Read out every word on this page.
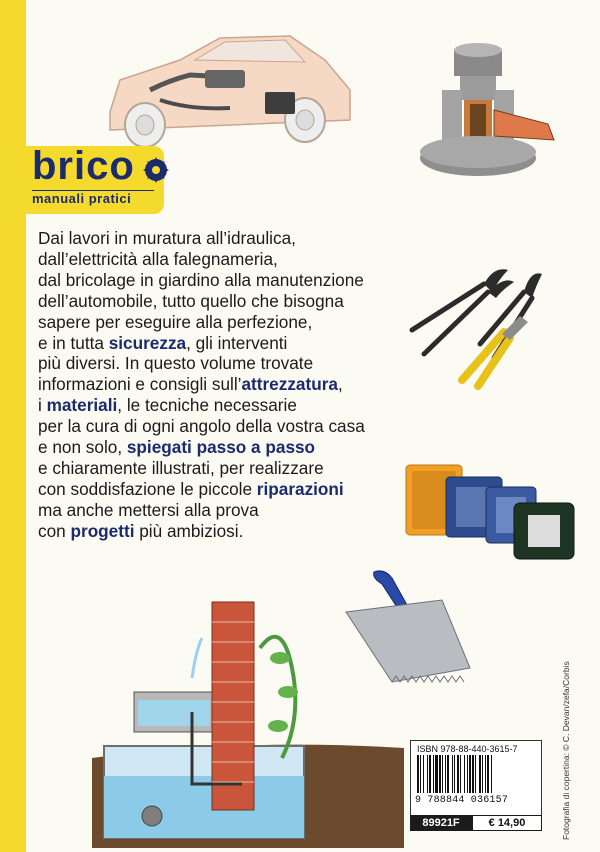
brico
manuali pratici
Dai lavori in muratura all’idraulica,
dall’elettricità alla falegnameria,
dal bricolage in giardino alla manutenzione
dell’automobile, tutto quello che bisogna
sapere per eseguire alla perfezione,
e in tutta sicurezza, gli interventi
più diversi. In questo volume trovate
informazioni e consigli sull’attrezzatura,
i materiali, le tecniche necessarie
per la cura di ogni angolo della vostra casa
e non solo, spiegati passo a passo
e chiaramente illustrati, per realizzare
con soddisfazione le piccole riparazioni
ma anche mettersi alla prova
con progetti più ambiziosi.
ISBN 978-88-440-3615-7
9 788844 036157
89921F	€ 14,90	Fotografia di copertina: © C. Devan/zefa/Corbis
